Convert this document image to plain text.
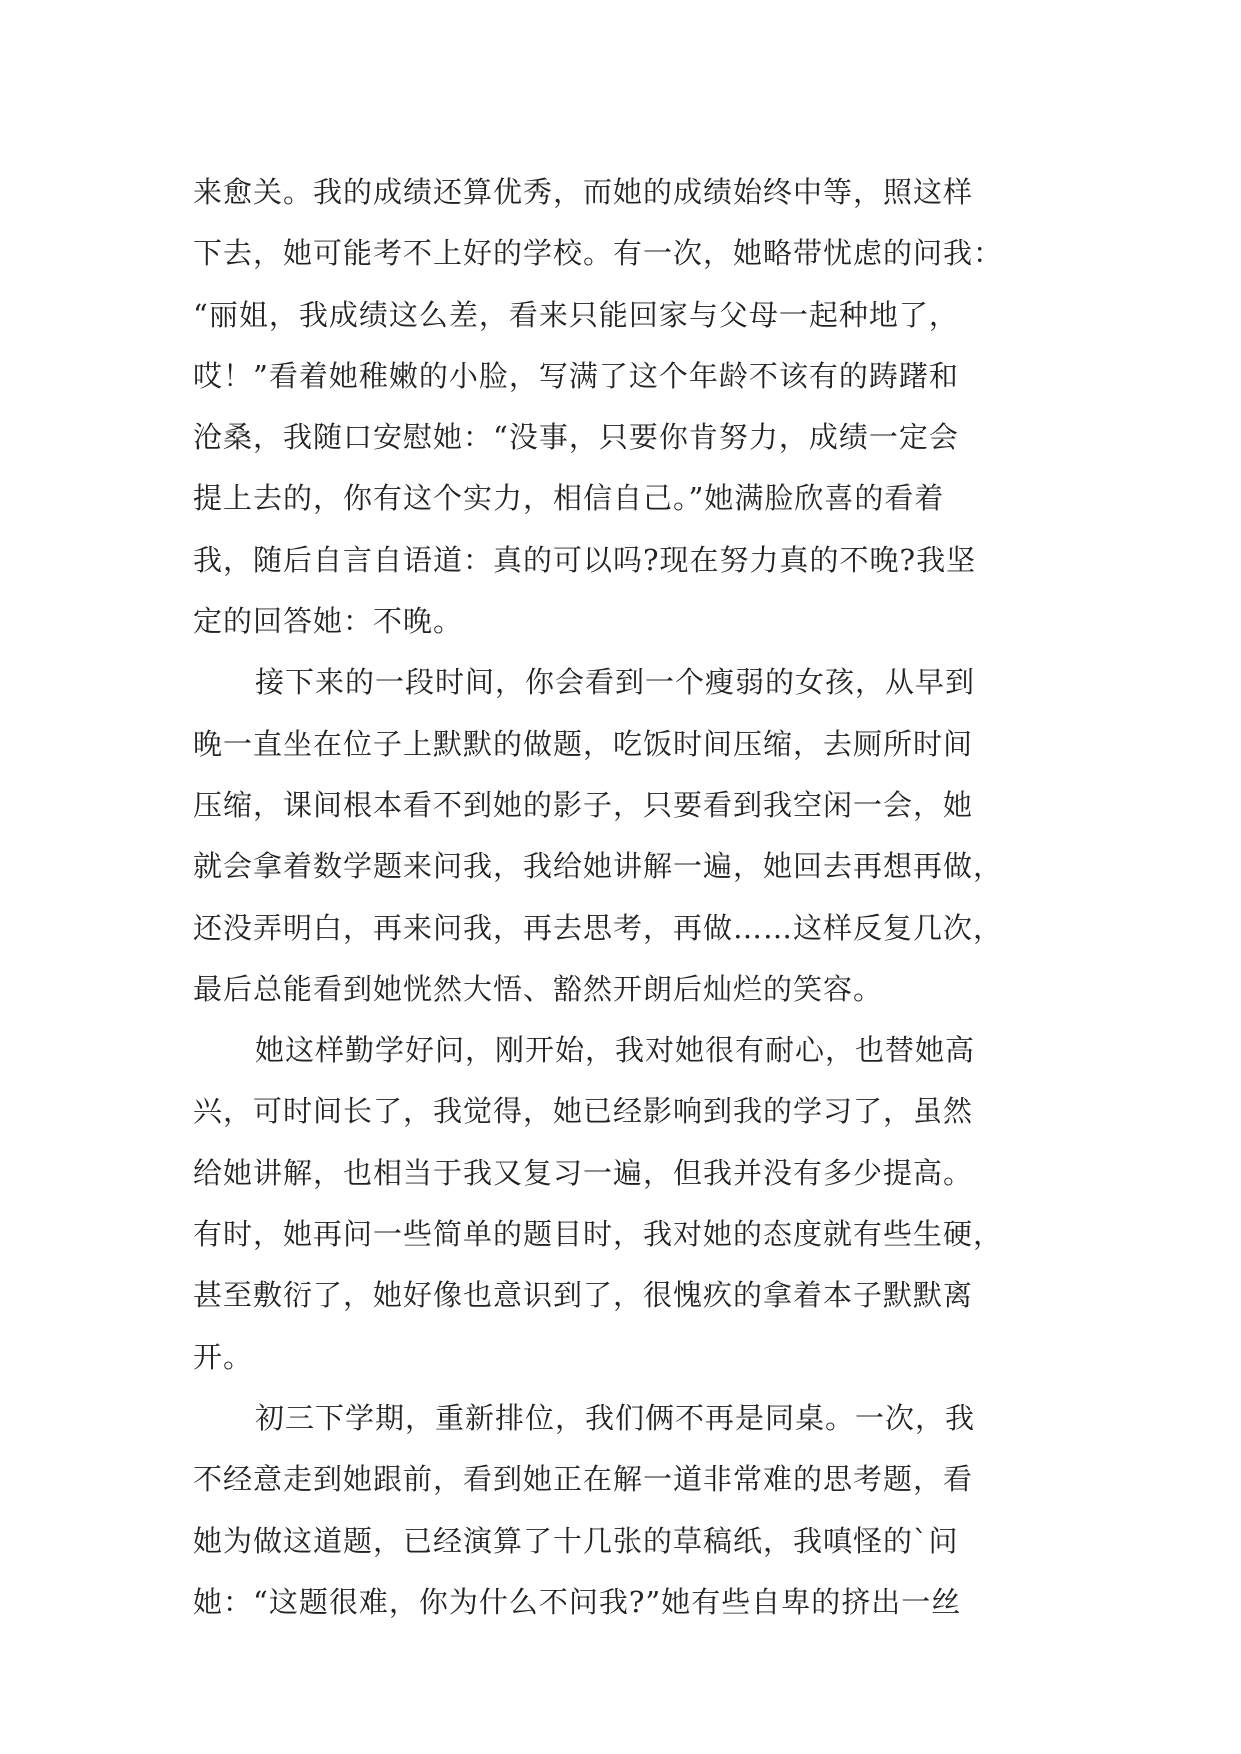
来愈关。我的成绩还算优秀，而她的成绩始终中等，照这样
下去，她可能考不上好的学校。有一次，她略带忧虑的问我：
“丽姐，我成绩这么差，看来只能回家与父母一起种地了，
哎！”看着她稚嫩的小脸，写满了这个年龄不该有的踌躇和
沧桑，我随口安慰她：“没事，只要你肯努力，成绩一定会
提上去的，你有这个实力，相信自己。”她满脸欣喜的看着
我，随后自言自语道：真的可以吗?现在努力真的不晚?我坚
定的回答她：不晚。
接下来的一段时间，你会看到一个瘦弱的女孩，从早到
晚一直坐在位子上默默的做题，吃饭时间压缩，去厕所时间
压缩，课间根本看不到她的影子，只要看到我空闲一会，她
就会拿着数学题来问我，我给她讲解一遍，她回去再想再做，
还没弄明白，再来问我，再去思考，再做……这样反复几次，
最后总能看到她恍然大悟、豁然开朗后灿烂的笑容。
她这样勤学好问，刚开始，我对她很有耐心，也替她高
兴，可时间长了，我觉得，她已经影响到我的学习了，虽然
给她讲解，也相当于我又复习一遍，但我并没有多少提高。
有时，她再问一些简单的题目时，我对她的态度就有些生硬，
甚至敷衍了，她好像也意识到了，很愧疚的拿着本子默默离
开。
初三下学期，重新排位，我们俩不再是同桌。一次，我
不经意走到她跟前，看到她正在解一道非常难的思考题，看
她为做这道题，已经演算了十几张的草稿纸，我嗔怪的`问
她：“这题很难，你为什么不问我?”她有些自卑的挤出一丝
